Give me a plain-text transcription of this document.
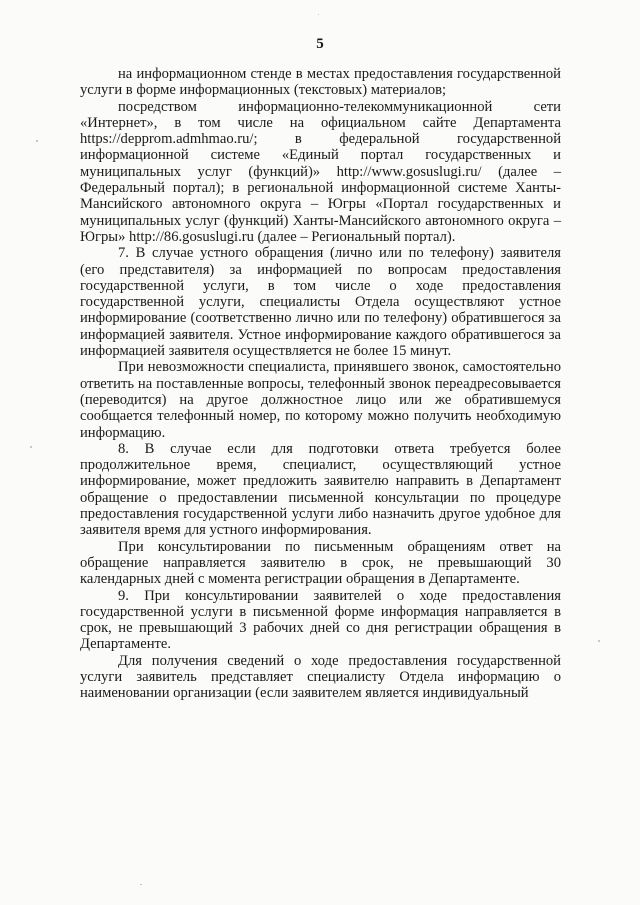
5

на информационном стенде в местах предоставления государственной услуги в форме информационных (текстовых) материалов;

посредством информационно-телекоммуникационной сети «Интернет», в том числе на официальном сайте Департамента https://depprom.admhmao.ru/; в федеральной государственной информационной системе «Единый портал государственных и муниципальных услуг (функций)» http://www.gosuslugi.ru/ (далее – Федеральный портал); в региональной информационной системе Ханты-Мансийского автономного округа – Югры «Портал государственных и муниципальных услуг (функций) Ханты-Мансийского автономного округа – Югры» http://86.gosuslugi.ru (далее – Региональный портал).

7. В случае устного обращения (лично или по телефону) заявителя (его представителя) за информацией по вопросам предоставления государственной услуги, в том числе о ходе предоставления государственной услуги, специалисты Отдела осуществляют устное информирование (соответственно лично или по телефону) обратившегося за информацией заявителя. Устное информирование каждого обратившегося за информацией заявителя осуществляется не более 15 минут.

При невозможности специалиста, принявшего звонок, самостоятельно ответить на поставленные вопросы, телефонный звонок переадресовывается (переводится) на другое должностное лицо или же обратившемуся сообщается телефонный номер, по которому можно получить необходимую информацию.

8. В случае если для подготовки ответа требуется более продолжительное время, специалист, осуществляющий устное информирование, может предложить заявителю направить в Департамент обращение о предоставлении письменной консультации по процедуре предоставления государственной услуги либо назначить другое удобное для заявителя время для устного информирования.

При консультировании по письменным обращениям ответ на обращение направляется заявителю в срок, не превышающий 30 календарных дней с момента регистрации обращения в Департаменте.

9. При консультировании заявителей о ходе предоставления государственной услуги в письменной форме информация направляется в срок, не превышающий 3 рабочих дней со дня регистрации обращения в Департаменте.

Для получения сведений о ходе предоставления государственной услуги заявитель представляет специалисту Отдела информацию о наименовании организации (если заявителем является индивидуальный
